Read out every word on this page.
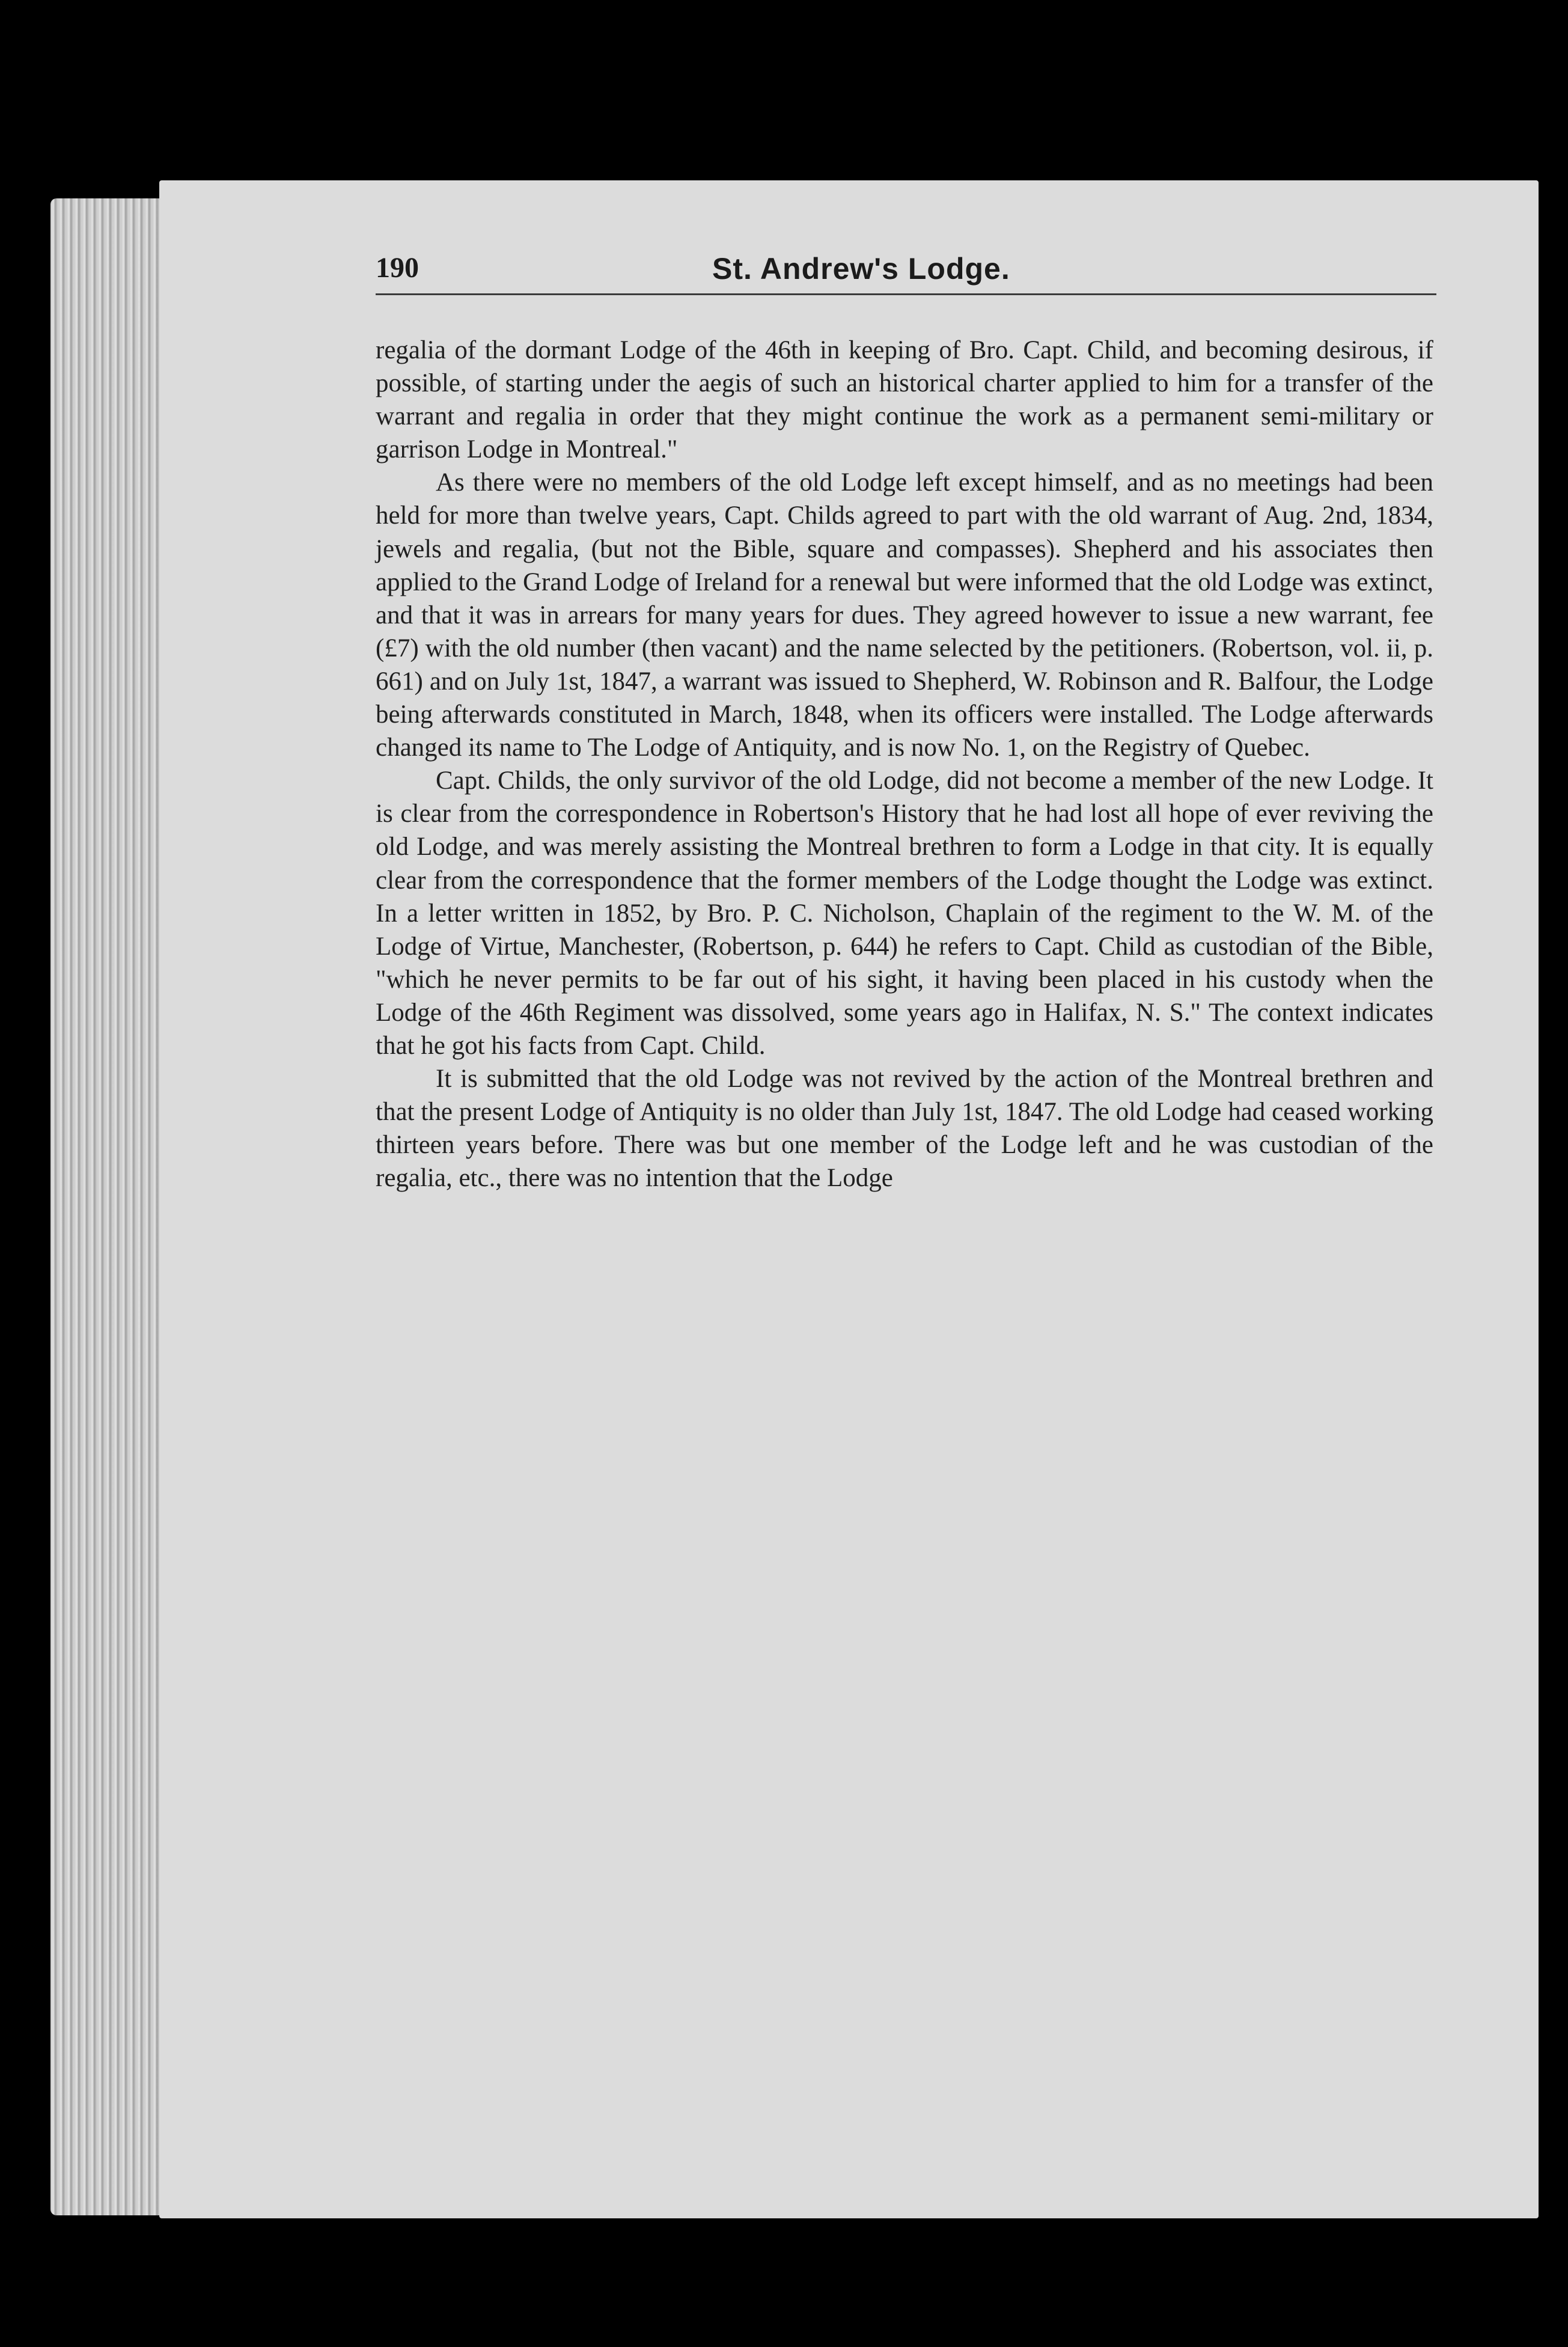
190	St. Andrew's Lodge.

regalia of the dormant Lodge of the 46th in keeping of Bro. Capt. Child, and becoming desirous, if possible, of starting under the aegis of such an historical charter applied to him for a transfer of the warrant and regalia in order that they might continue the work as a permanent semi-military or garrison Lodge in Montreal."

As there were no members of the old Lodge left except himself, and as no meetings had been held for more than twelve years, Capt. Childs agreed to part with the old warrant of Aug. 2nd, 1834, jewels and regalia, (but not the Bible, square and compasses). Shepherd and his associates then applied to the Grand Lodge of Ireland for a renewal but were informed that the old Lodge was extinct, and that it was in arrears for many years for dues. They agreed however to issue a new warrant, fee (£7) with the old number (then vacant) and the name selected by the petitioners. (Robertson, vol. ii, p. 661) and on July 1st, 1847, a warrant was issued to Shepherd, W. Robinson and R. Balfour, the Lodge being afterwards constituted in March, 1848, when its officers were installed. The Lodge afterwards changed its name to The Lodge of Antiquity, and is now No. 1, on the Registry of Quebec.

Capt. Childs, the only survivor of the old Lodge, did not become a member of the new Lodge. It is clear from the correspondence in Robertson's History that he had lost all hope of ever reviving the old Lodge, and was merely assisting the Montreal brethren to form a Lodge in that city. It is equally clear from the correspondence that the former members of the Lodge thought the Lodge was extinct. In a letter written in 1852, by Bro. P. C. Nicholson, Chaplain of the regiment to the W. M. of the Lodge of Virtue, Manchester, (Robertson, p. 644) he refers to Capt. Child as custodian of the Bible, "which he never permits to be far out of his sight, it having been placed in his custody when the Lodge of the 46th Regiment was dissolved, some years ago in Halifax, N. S." The context indicates that he got his facts from Capt. Child.

It is submitted that the old Lodge was not revived by the action of the Montreal brethren and that the present Lodge of Antiquity is no older than July 1st, 1847. The old Lodge had ceased working thirteen years before. There was but one member of the Lodge left and he was custodian of the regalia, etc., there was no intention that the Lodge
